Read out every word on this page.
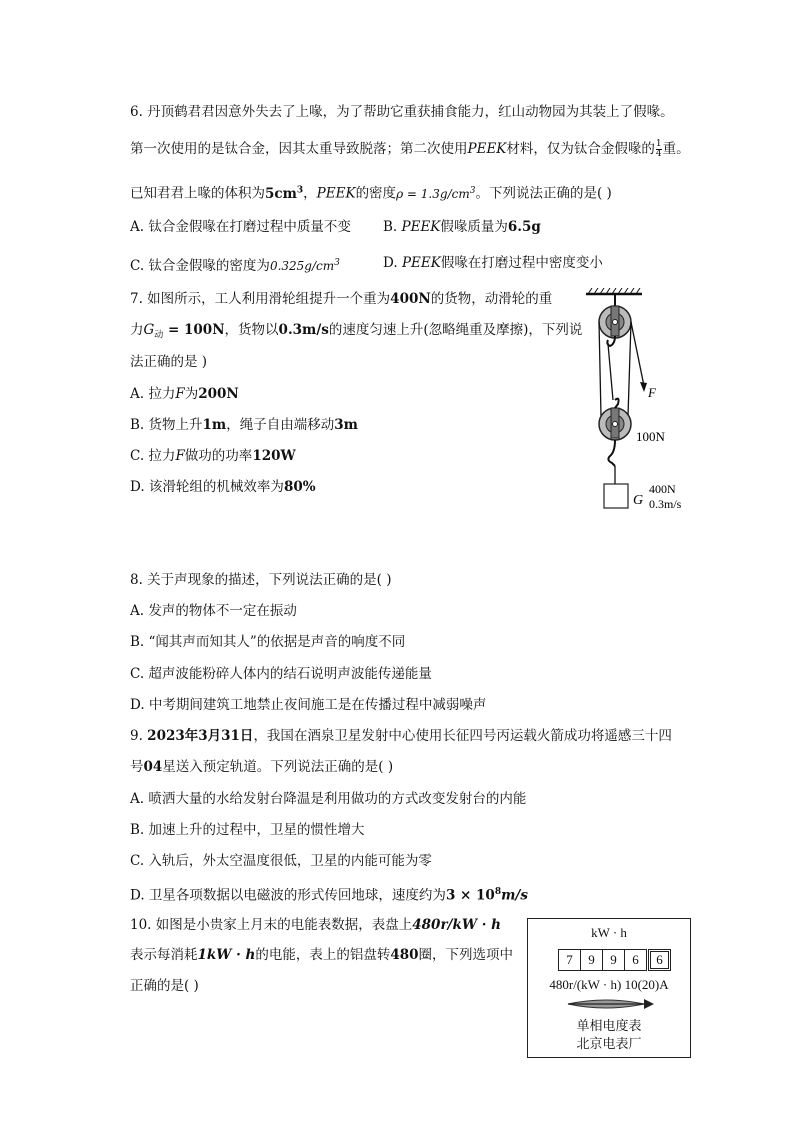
6. 丹顶鹤君君因意外失去了上喙，为了帮助它重获捕食能力，红山动物园为其装上了假喙。
第一次使用的是钛合金，因其太重导致脱落；第二次使用PEEK材料，仅为钛合金假喙的 $\frac{1}{4}$ 重。
已知君君上喙的体积为$5cm^3$，PEEK的密度$\rho = 1.3g/cm^3$。下列说法正确的是( )
A. 钛合金假喙在打磨过程中质量不变 B. PEEK假喙质量为6.5g
C. 钛合金假喙的密度为$0.325g/cm^3$	D. PEEK假喙在打磨过程中密度变小
7. 如图所示，工人利用滑轮组提升一个重为400N的货物，动滑轮的重
力$G_动 = 100N$，货物以0.3m/s的速度匀速上升(忽略绳重及摩擦)，下列说
法正确的是 )
A. 拉力F为200N
B. 货物上升1m，绳子自由端移动3m
C. 拉力F做功的功率120W
D. 该滑轮组的机械效率为80%
F
100N
G
400N
0.3m/s
8. 关于声现象的描述，下列说法正确的是( )
A. 发声的物体不一定在振动
B. “闻其声而知其人”的依据是声音的响度不同
C. 超声波能粉碎人体内的结石说明声波能传递能量
D. 中考期间建筑工地禁止夜间施工是在传播过程中减弱噪声
9. 2023年3月31日，我国在酒泉卫星发射中心使用长征四号丙运载火箭成功将遥感三十四
号04星送入预定轨道。下列说法正确的是( )
A. 喷洒大量的水给发射台降温是利用做功的方式改变发射台的内能
B. 加速上升的过程中，卫星的惯性增大
C. 入轨后，外太空温度很低，卫星的内能可能为零
D. 卫星各项数据以电磁波的形式传回地球，速度约为$3 \times 10^8m/s$
10. 如图是小贵家上月末的电能表数据，表盘上480r/kW · h
表示每消耗1kW · h的电能，表上的铝盘转480圈，下列选项中
正确的是( )
kW · h
7	9	9	6	6
480r/(kW · h) 10(20)A
单相电度表
北京电表厂
